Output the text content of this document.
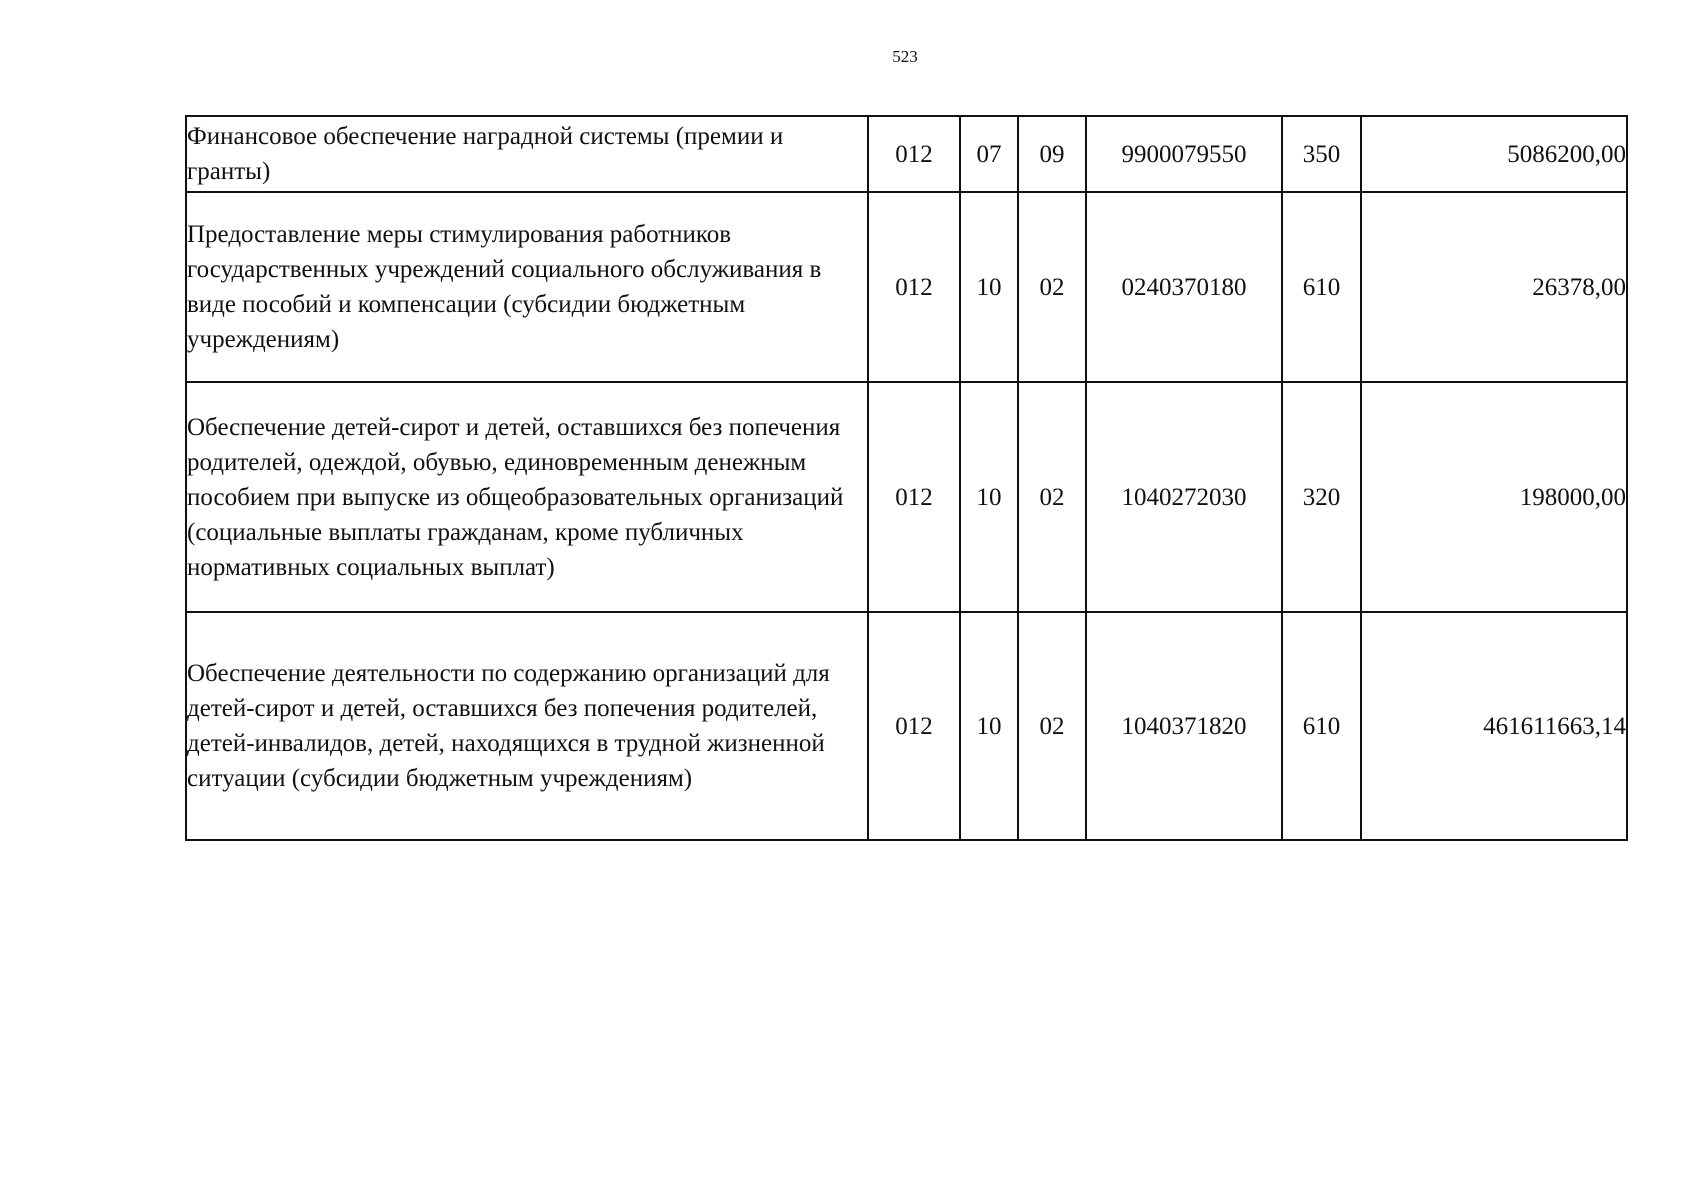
523
Финансовое обеспечение наградной системы (премии и гранты)	012	07	09	9900079550	350	5086200,00
Предоставление меры стимулирования работников государственных учреждений социального обслуживания в виде пособий и компенсации (субсидии бюджетным учреждениям)	012	10	02	0240370180	610	26378,00
Обеспечение детей-сирот и детей, оставшихся без попечения родителей, одеждой, обувью, единовременным денежным пособием при выпуске из общеобразовательных организаций (социальные выплаты гражданам, кроме публичных нормативных социальных выплат)	012	10	02	1040272030	320	198000,00
Обеспечение деятельности по содержанию организаций для детей-сирот и детей, оставшихся без попечения родителей, детей-инвалидов, детей, находящихся в трудной жизненной ситуации (субсидии бюджетным учреждениям)	012	10	02	1040371820	610	461611663,14
